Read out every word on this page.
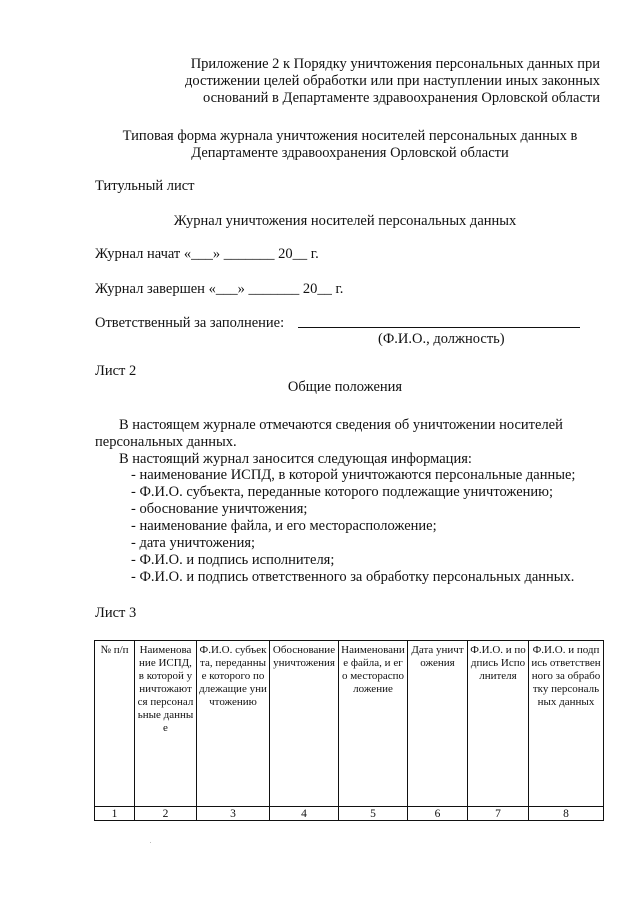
Приложение 2 к Порядку уничтожения персональных данных при
достижении целей обработки или при наступлении иных законных
оснований в Департаменте здравоохранения Орловской области
Типовая форма журнала уничтожения носителей персональных данных в
Департаменте здравоохранения Орловской области
Титульный лист
Журнал уничтожения носителей персональных данных
Журнал начат «___» _______ 20__ г.
Журнал завершен «___» _______ 20__ г.
Ответственный за заполнение:
(Ф.И.О., должность)
Лист 2
Общие положения
В настоящем журнале отмечаются сведения об уничтожении носителей персональных данных.
В настоящий журнал заносится следующая информация:
- наименование ИСПД, в которой уничтожаются персональные данные;
- Ф.И.О. субъекта, переданные которого подлежащие уничтожению;
- обоснование уничтожения;
- наименование файла, и его месторасположение;
- дата уничтожения;
- Ф.И.О. и подпись исполнителя;
- Ф.И.О. и подпись ответственного за обработку персональных данных.
Лист 3
№ п/п	Наименование ИСПД, в которой уничтожаются персональные данные	Ф.И.О. субъекта, переданные которого подлежащие уничтожению	Обоснование уничтожения	Наименование файла, и его месторасположение	Дата уничтожения	Ф.И.О. и подпись Исполнителя	Ф.И.О. и подпись ответственного за обработку персональных данных

1	2	3	4	5	6	7	8
